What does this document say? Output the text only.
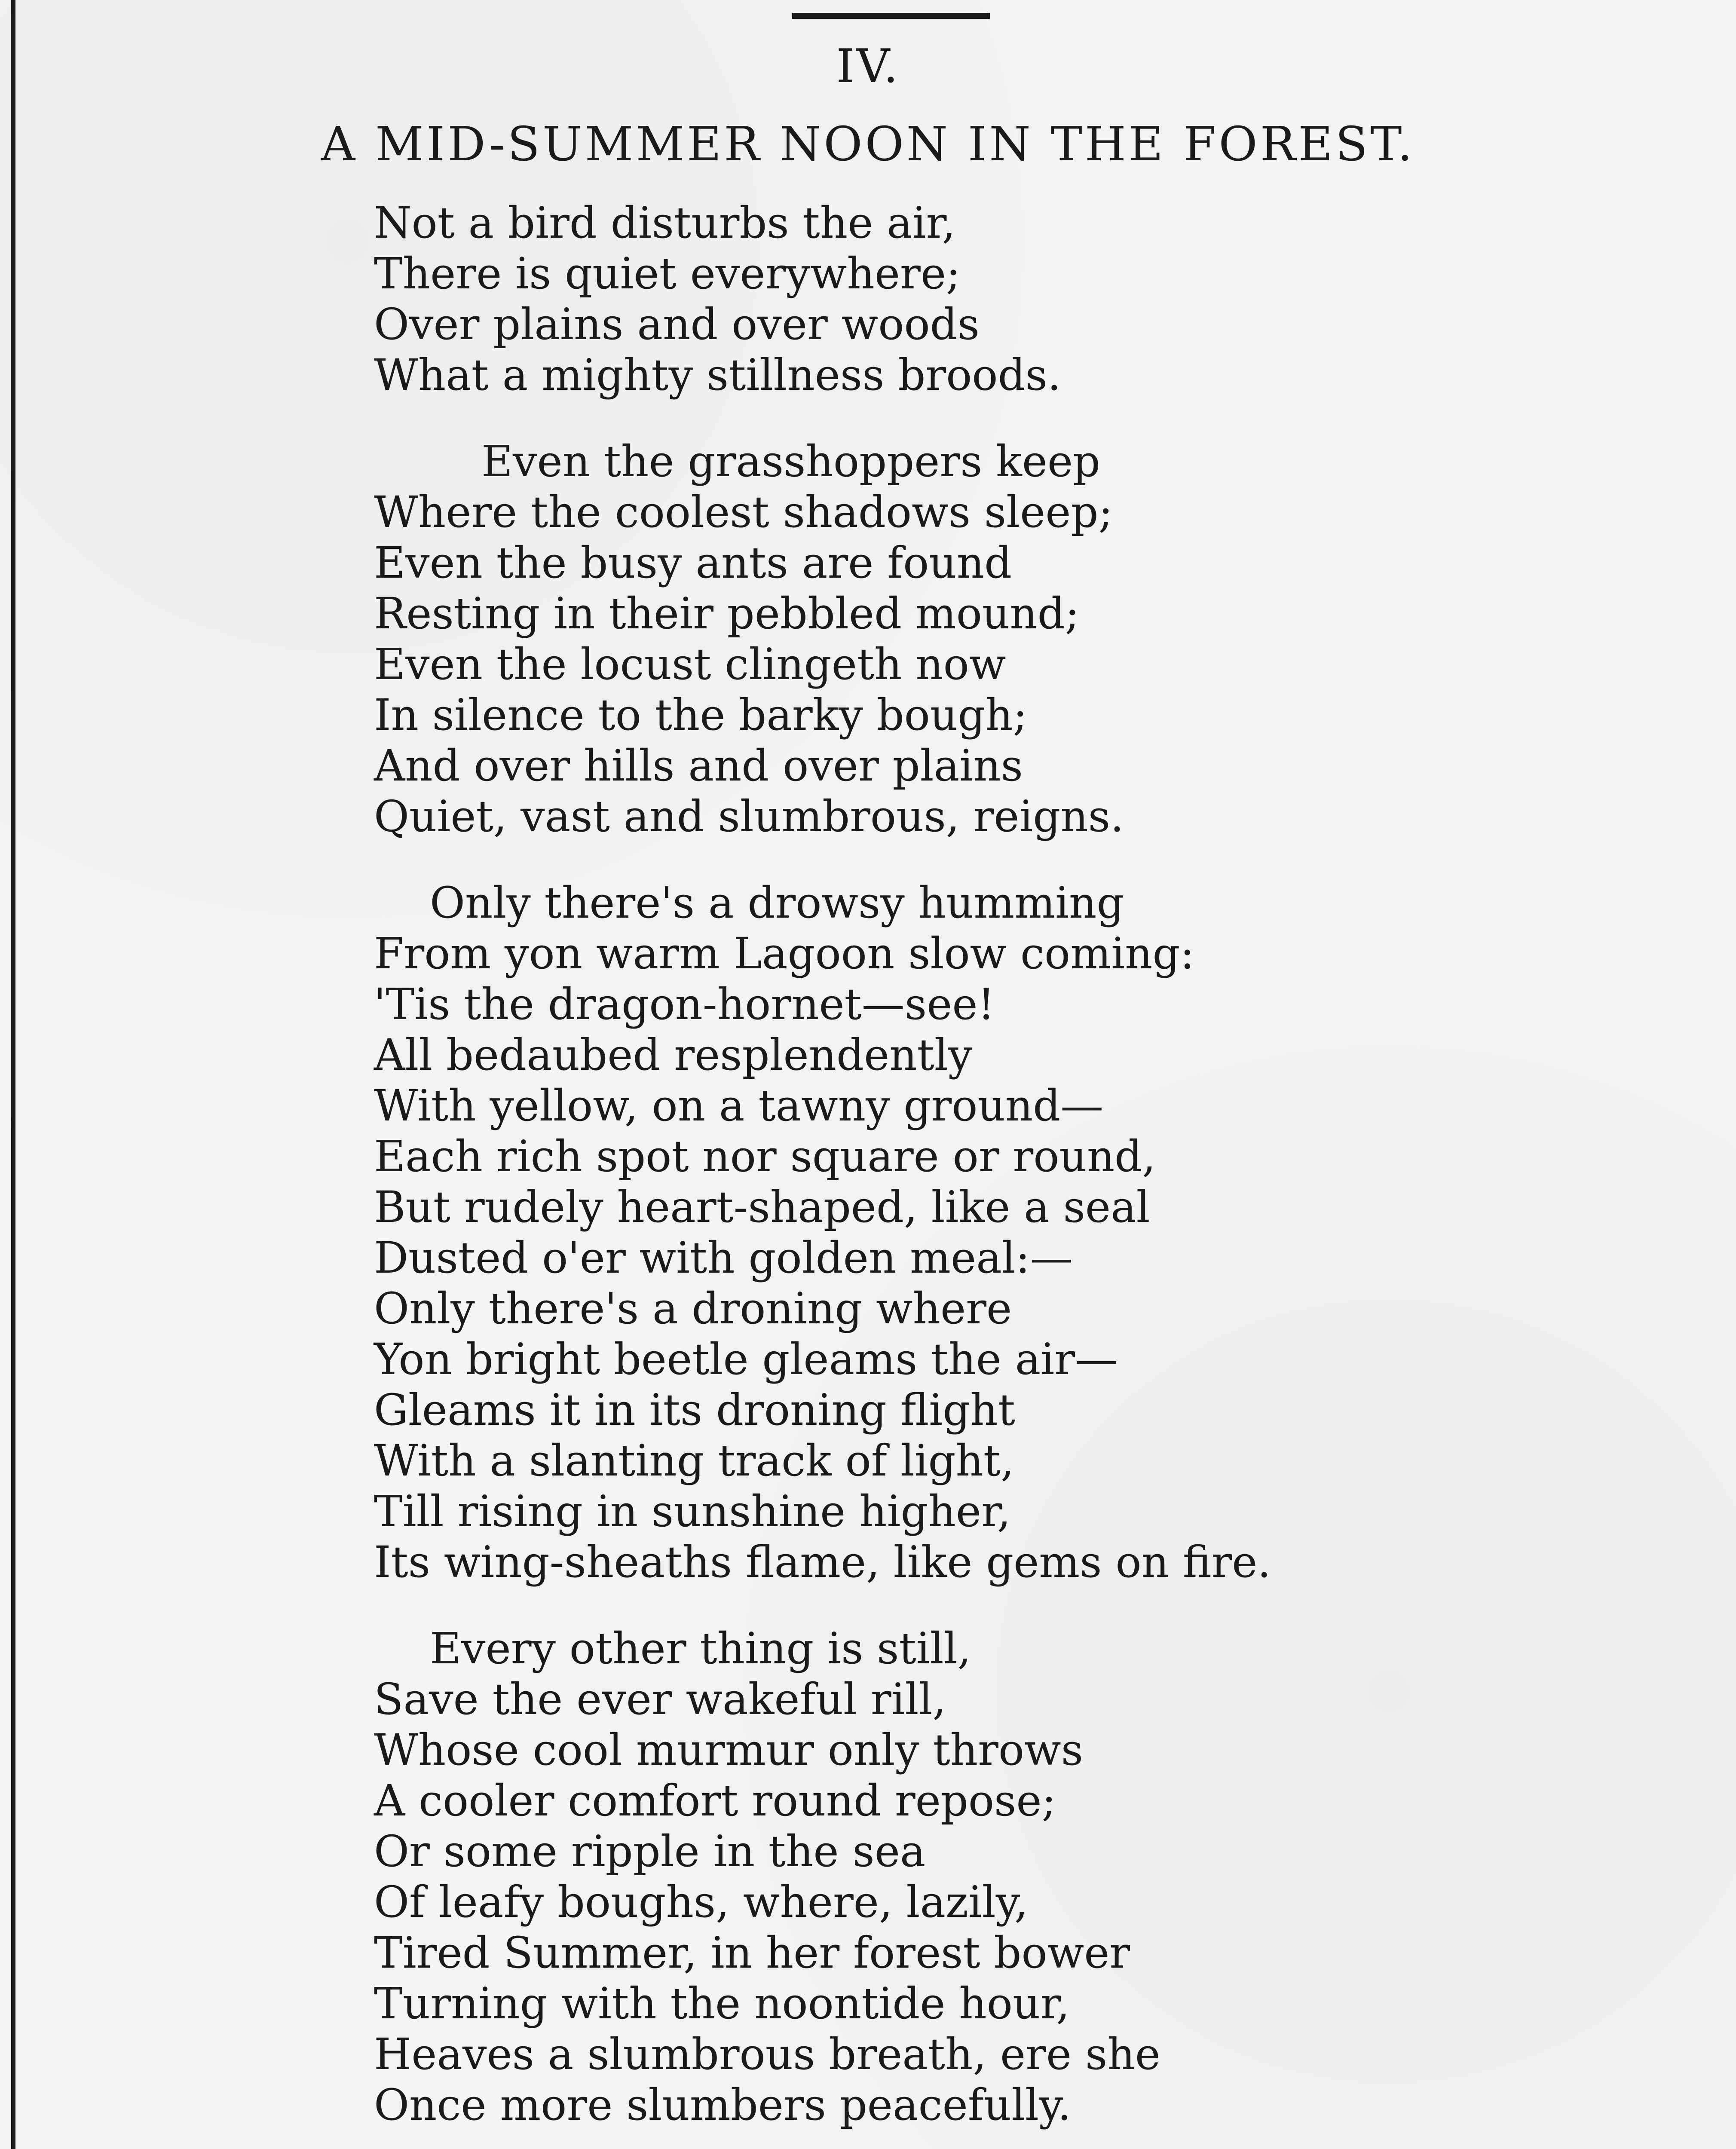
IV.
A MID-SUMMER NOON IN THE FOREST.
Not a bird disturbs the air,
There is quiet everywhere;
Over plains and over woods
What a mighty stillness broods.
Even the grasshoppers keep
Where the coolest shadows sleep;
Even the busy ants are found
Resting in their pebbled mound;
Even the locust clingeth now
In silence to the barky bough;
And over hills and over plains
Quiet, vast and slumbrous, reigns.
Only there's a drowsy humming
From yon warm Lagoon slow coming:
'Tis the dragon-hornet—see!
All bedaubed resplendently
With yellow, on a tawny ground—
Each rich spot nor square or round,
But rudely heart-shaped, like a seal
Dusted o'er with golden meal:—
Only there's a droning where
Yon bright beetle gleams the air—
Gleams it in its droning flight
With a slanting track of light,
Till rising in sunshine higher,
Its wing-sheaths flame, like gems on fire.
Every other thing is still,
Save the ever wakeful rill,
Whose cool murmur only throws
A cooler comfort round repose;
Or some ripple in the sea
Of leafy boughs, where, lazily,
Tired Summer, in her forest bower
Turning with the noontide hour,
Heaves a slumbrous breath, ere she
Once more slumbers peacefully.
